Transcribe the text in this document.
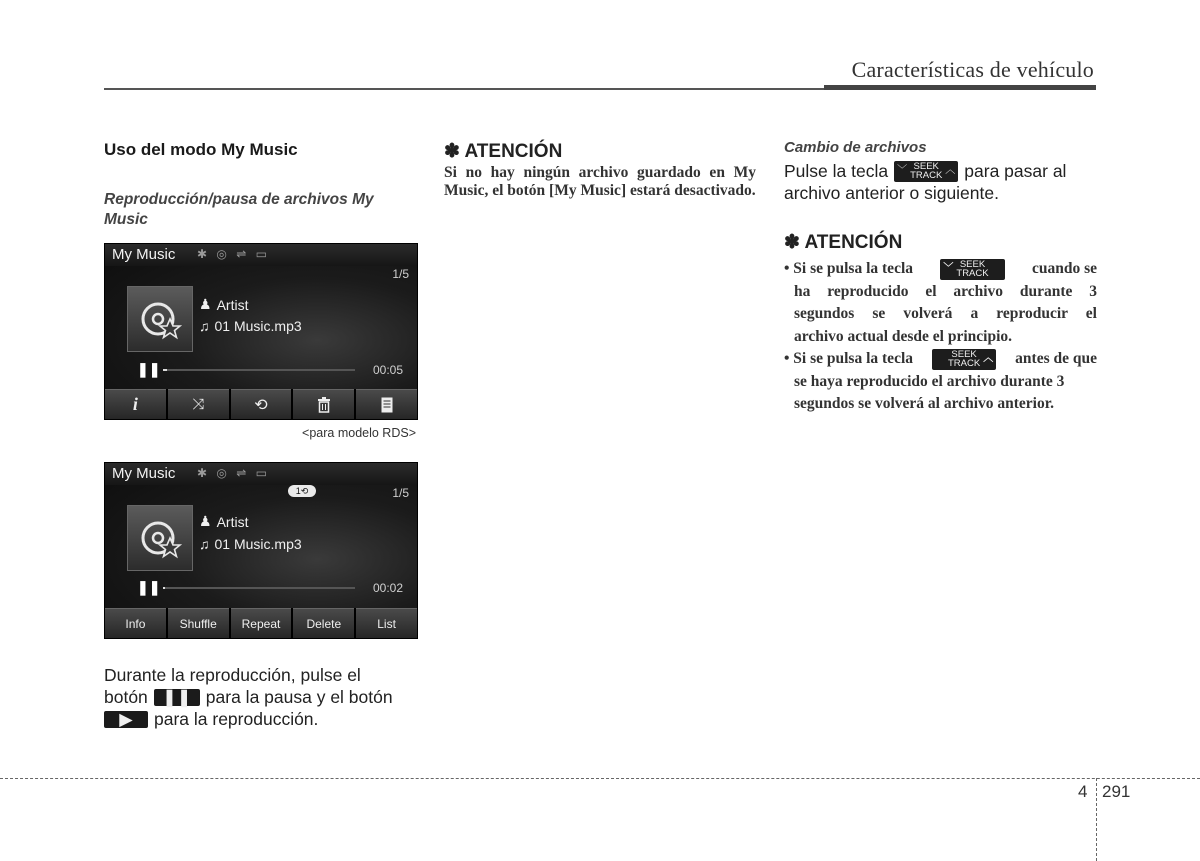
Características de vehículo
Uso del modo My Music
Reproducción/pausa de archivos My Music
My Music ✱ ◎ ⇌ ▭
1/5
♟ Artist
♫ 01 Music.mp3
❚❚	00:05
i	⤨	⟲
<para modelo RDS>
My Music ✱ ◎ ⇌ ▭
1⟲	1/5
♟ Artist
♫ 01 Music.mp3
❚❚	00:02
Info	Shuffle	Repeat	Delete	List
Durante la reproducción, pulse el
botón ❚❚ para la pausa y el botón
▶	para la reproducción.
✽ ATENCIÓN
Si no hay ningún archivo guardado en My Music, el botón [My Music] estará desactivado.
Cambio de archivos
Pulse la tecla ﹀ SEEK
TRACK ︿ para pasar al
archivo anterior o siguiente.
✽ ATENCIÓN
• Si se pulsa la tecla	﹀ SEEK
TRACK	cuando se
ha reproducido el archivo durante 3
segundos se volverá a reproducir el
archivo actual desde el principio.
• Si se pulsa la tecla	SEEK
TRACK ︿ antes de que
se haya reproducido el archivo durante 3
segundos se volverá al archivo anterior.
4 291
